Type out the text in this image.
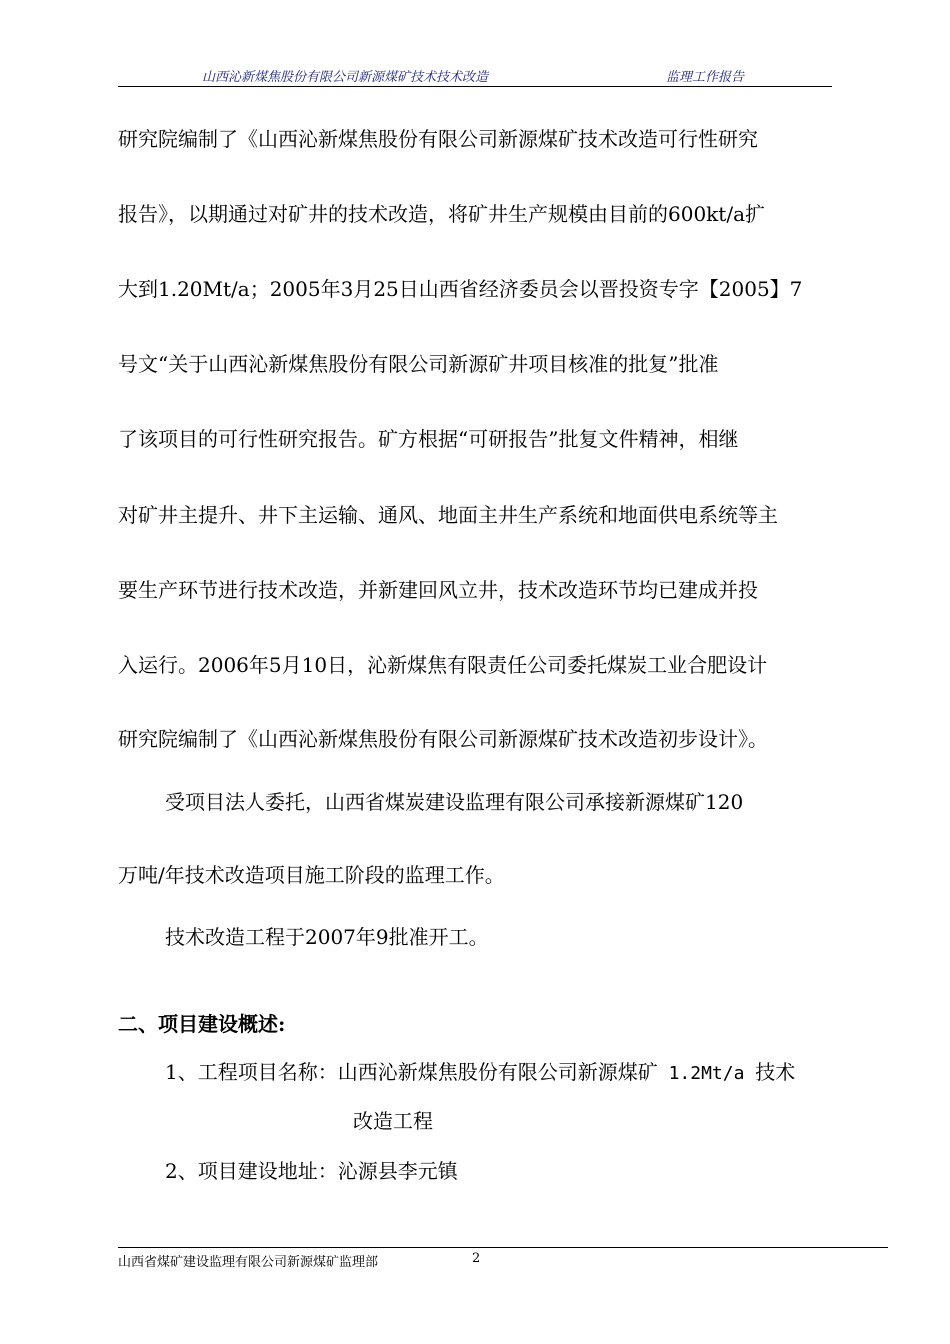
山西沁新煤焦股份有限公司新源煤矿技术技术改造	监理工作报告
研究院编制了《山西沁新煤焦股份有限公司新源煤矿技术改造可行性研究
报告》，以期通过对矿井的技术改造，将矿井生产规模由目前的600kt/a扩
大到1.20Mt/a；2005年3月25日山西省经济委员会以晋投资专字【2005】7
号文“关于山西沁新煤焦股份有限公司新源矿井项目核准的批复”批准
了该项目的可行性研究报告。矿方根据“可研报告”批复文件精神，相继
对矿井主提升、井下主运输、通风、地面主井生产系统和地面供电系统等主
要生产环节进行技术改造，并新建回风立井，技术改造环节均已建成并投
入运行。2006年5月10日，沁新煤焦有限责任公司委托煤炭工业合肥设计
研究院编制了《山西沁新煤焦股份有限公司新源煤矿技术改造初步设计》。
受项目法人委托，山西省煤炭建设监理有限公司承接新源煤矿120
万吨/年技术改造项目施工阶段的监理工作。
技术改造工程于2007年9批准开工。
二、项目建设概述:
1、工程项目名称：山西沁新煤焦股份有限公司新源煤矿 1.2Mt/a 技术
改造工程
2、项目建设地址：沁源县李元镇
山西省煤矿建设监理有限公司新源煤矿监理部	2
